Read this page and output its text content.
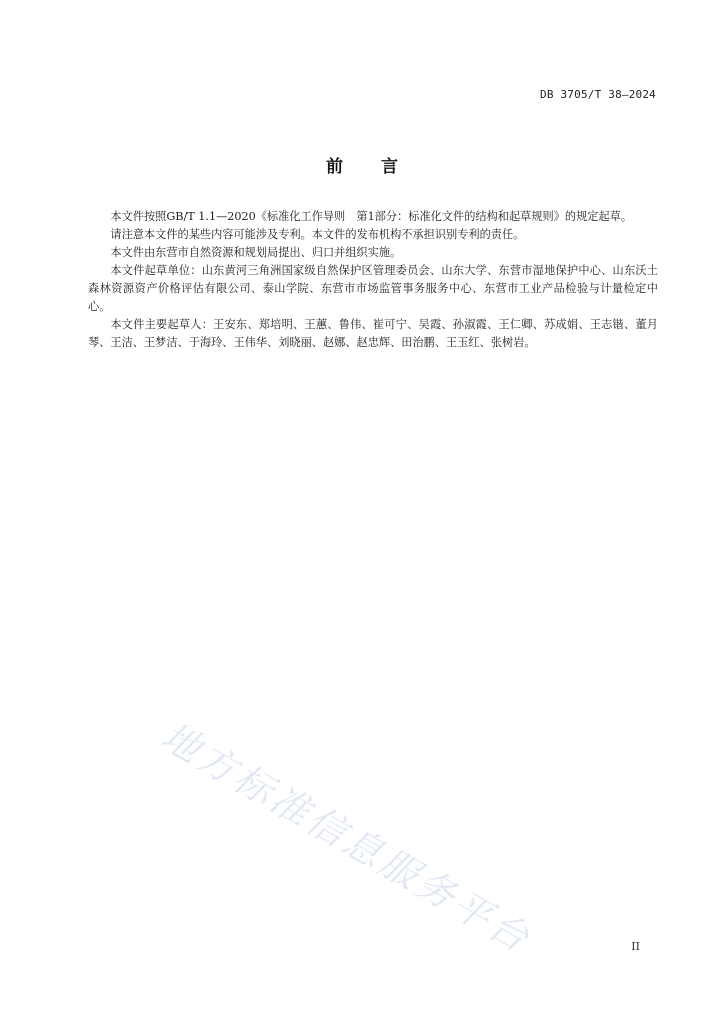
DB 3705/T 38—2024
前言

本文件按照GB/T 1.1—2020《标准化工作导则　第1部分：标准化文件的结构和起草规则》的规定起草。

请注意本文件的某些内容可能涉及专利。本文件的发布机构不承担识别专利的责任。

本文件由东营市自然资源和规划局提出、归口并组织实施。

本文件起草单位：山东黄河三角洲国家级自然保护区管理委员会、山东大学、东营市湿地保护中心、山东沃土森林资源资产价格评估有限公司、泰山学院、东营市市场监管事务服务中心、东营市工业产品检验与计量检定中心。

本文件主要起草人：王安东、郑培明、王蕙、鲁伟、崔可宁、吴霞、孙淑霞、王仁卿、苏成娟、王志锴、董月琴、王洁、王梦洁、于海玲、王伟华、刘晓丽、赵娜、赵忠辉、田治鹏、王玉红、张树岩。

地方标准信息服务平台	II
